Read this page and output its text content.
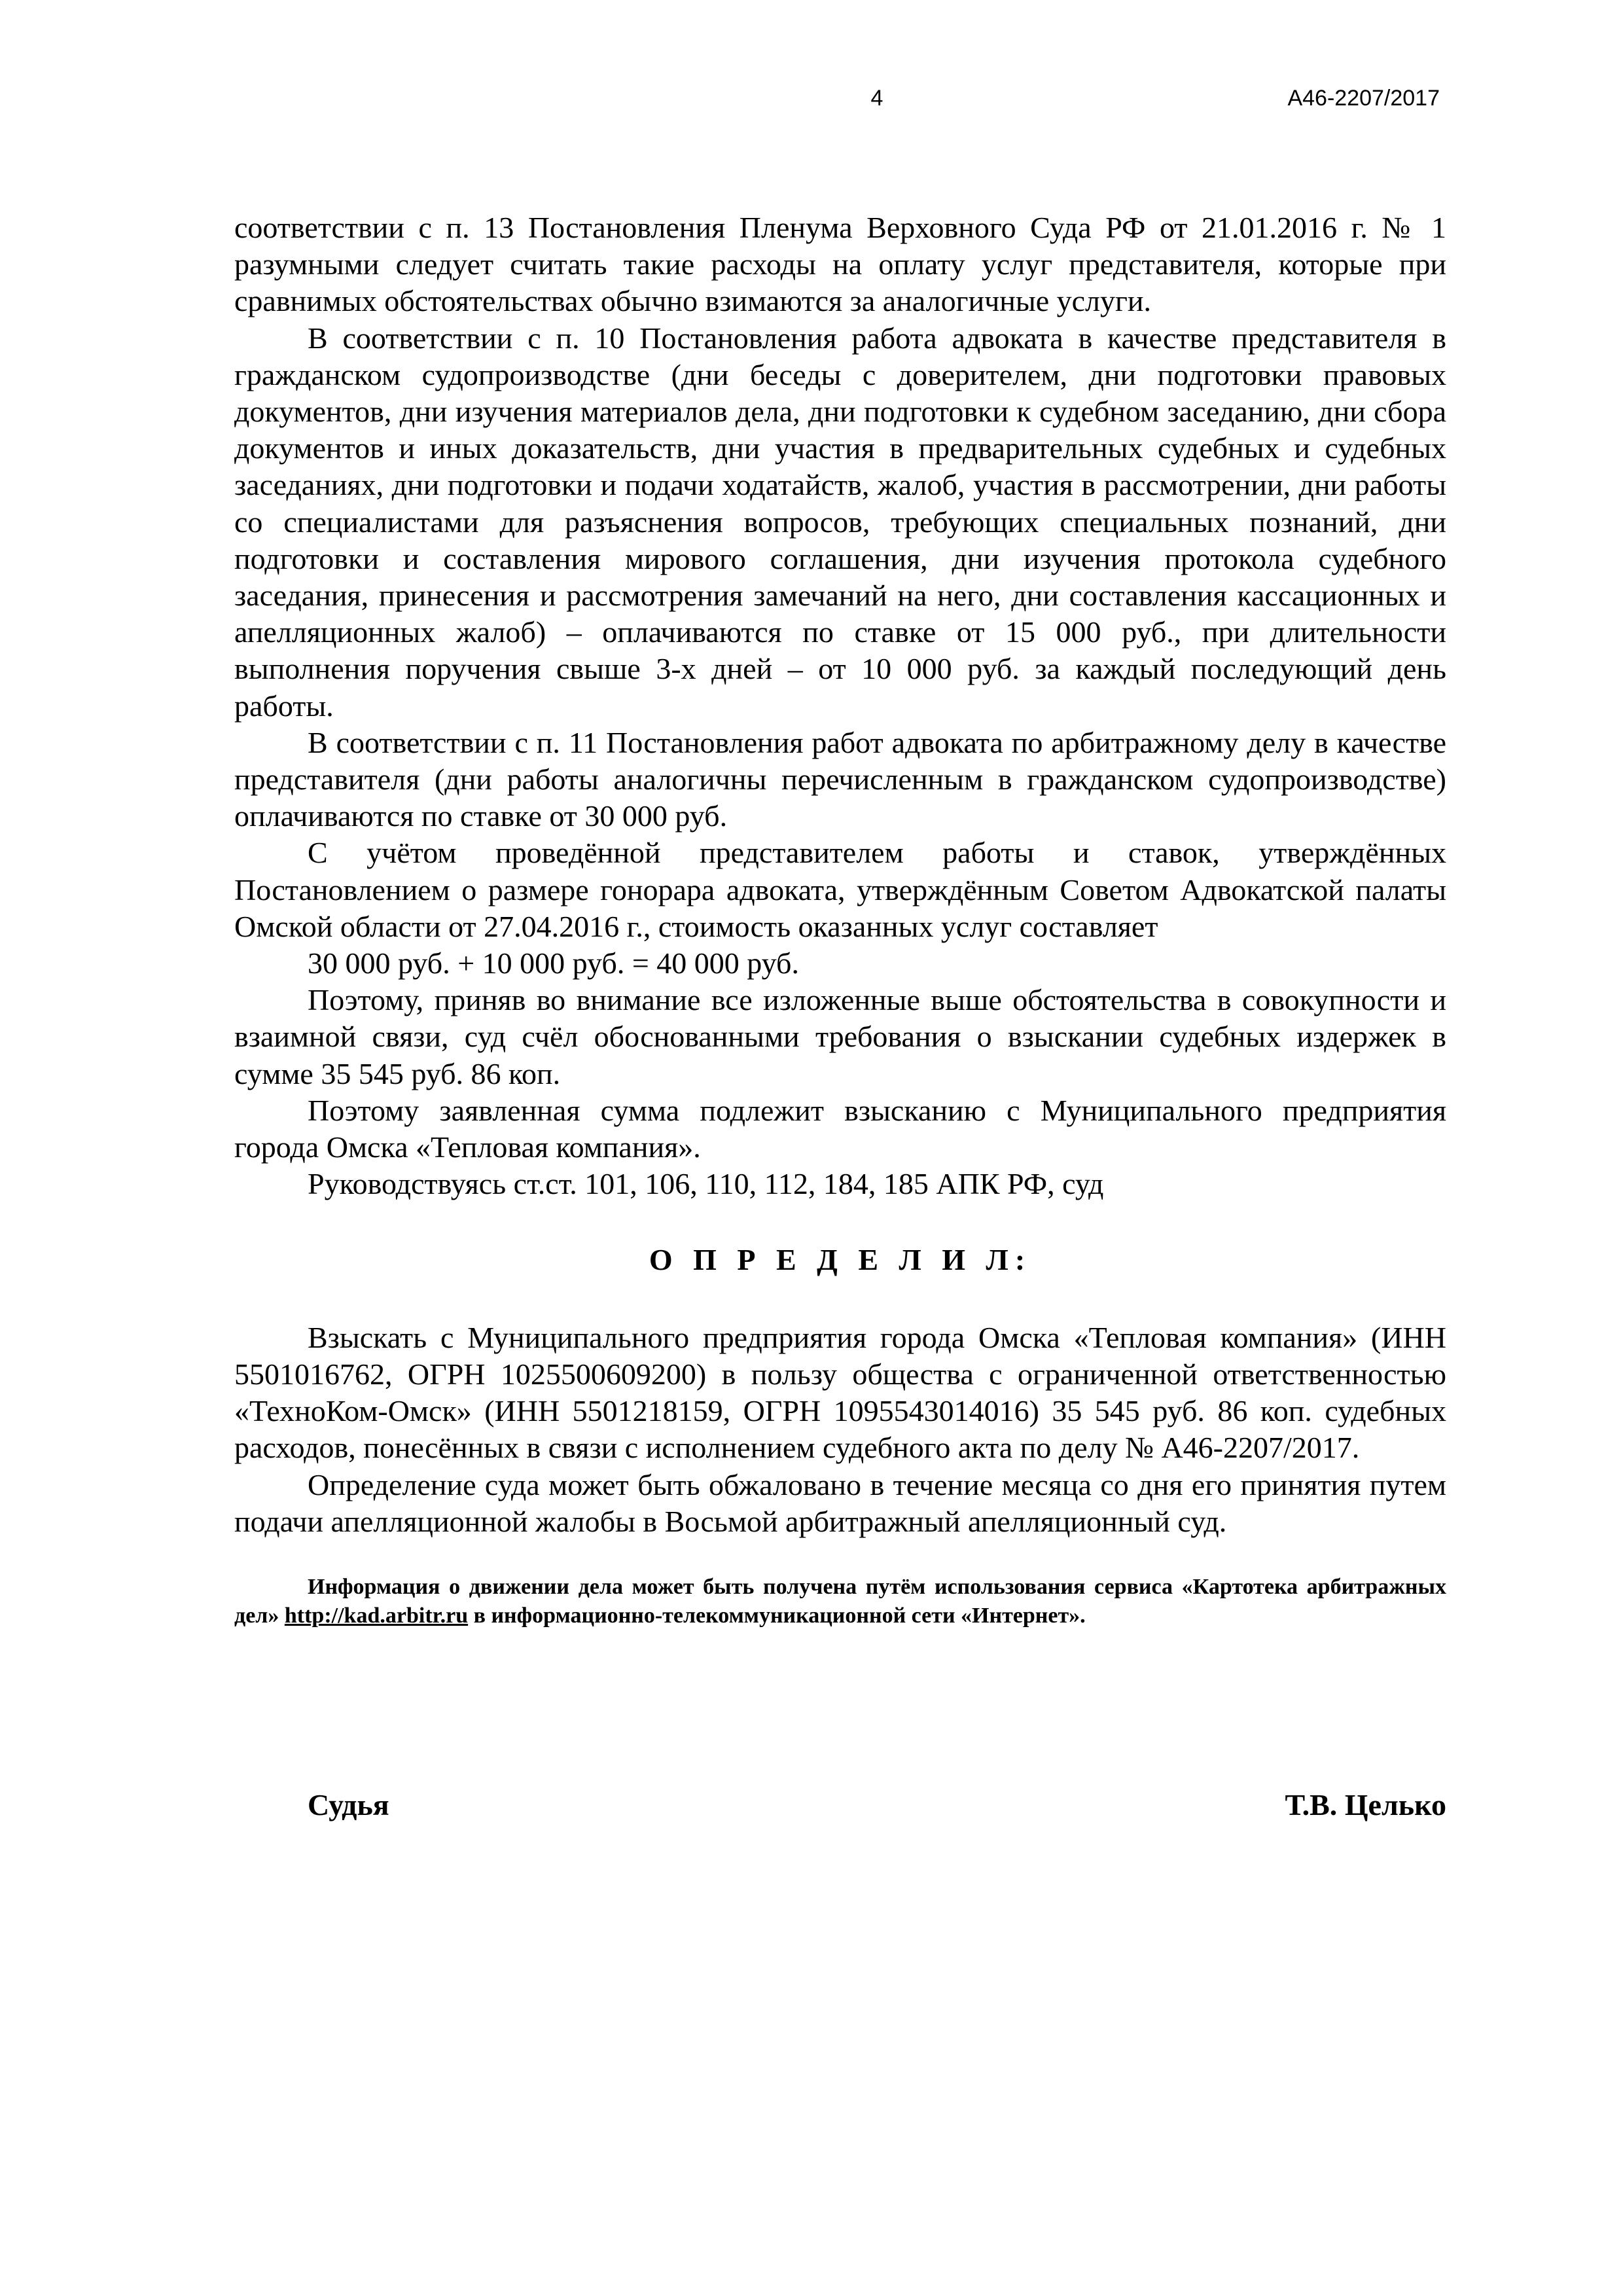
4	А46-2207/2017

соответствии с п. 13 Постановления Пленума Верховного Суда РФ от 21.01.2016 г. № 1 разумными следует считать такие расходы на оплату услуг представителя, которые при сравнимых обстоятельствах обычно взимаются за аналогичные услуги.

В соответствии с п. 10 Постановления работа адвоката в качестве представителя в гражданском судопроизводстве (дни беседы с доверителем, дни подготовки правовых документов, дни изучения материалов дела, дни подготовки к судебном заседанию, дни сбора документов и иных доказательств, дни участия в предварительных судебных и судебных заседаниях, дни подготовки и подачи ходатайств, жалоб, участия в рассмотрении, дни работы со специалистами для разъяснения вопросов, требующих специальных познаний, дни подготовки и составления мирового соглашения, дни изучения протокола судебного заседания, принесения и рассмотрения замечаний на него, дни составления кассационных и апелляционных жалоб) – оплачиваются по ставке от 15 000 руб., при длительности выполнения поручения свыше 3-х дней – от 10 000 руб. за каждый последующий день работы.

В соответствии с п. 11 Постановления работ адвоката по арбитражному делу в качестве представителя (дни работы аналогичны перечисленным в гражданском судопроизводстве) оплачиваются по ставке от 30 000 руб.

С учётом проведённой представителем работы и ставок, утверждённых Постановлением о размере гонорара адвоката, утверждённым Советом Адвокатской палаты Омской области от 27.04.2016 г., стоимость оказанных услуг составляет

30 000 руб. + 10 000 руб. = 40 000 руб.

Поэтому, приняв во внимание все изложенные выше обстоятельства в совокупности и взаимной связи, суд счёл обоснованными требования о взыскании судебных издержек в сумме 35 545 руб. 86 коп.

Поэтому заявленная сумма подлежит взысканию с Муниципального предприятия города Омска «Тепловая компания».

Руководствуясь ст.ст. 101, 106, 110, 112, 184, 185 АПК РФ, суд

О П Р Е Д Е Л И Л:

Взыскать с Муниципального предприятия города Омска «Тепловая компания» (ИНН 5501016762, ОГРН 1025500609200) в пользу общества с ограниченной ответственностью «ТехноКом-Омск» (ИНН 5501218159, ОГРН 1095543014016) 35 545 руб. 86 коп. судебных расходов, понесённых в связи с исполнением судебного акта по делу № А46-2207/2017.

Определение суда может быть обжаловано в течение месяца со дня его принятия путем подачи апелляционной жалобы в Восьмой арбитражный апелляционный суд.

Информация о движении дела может быть получена путём использования сервиса «Картотека арбитражных дел» http://kad.arbitr.ru в информационно-телекоммуникационной сети «Интернет».

Судья	Т.В. Целько
